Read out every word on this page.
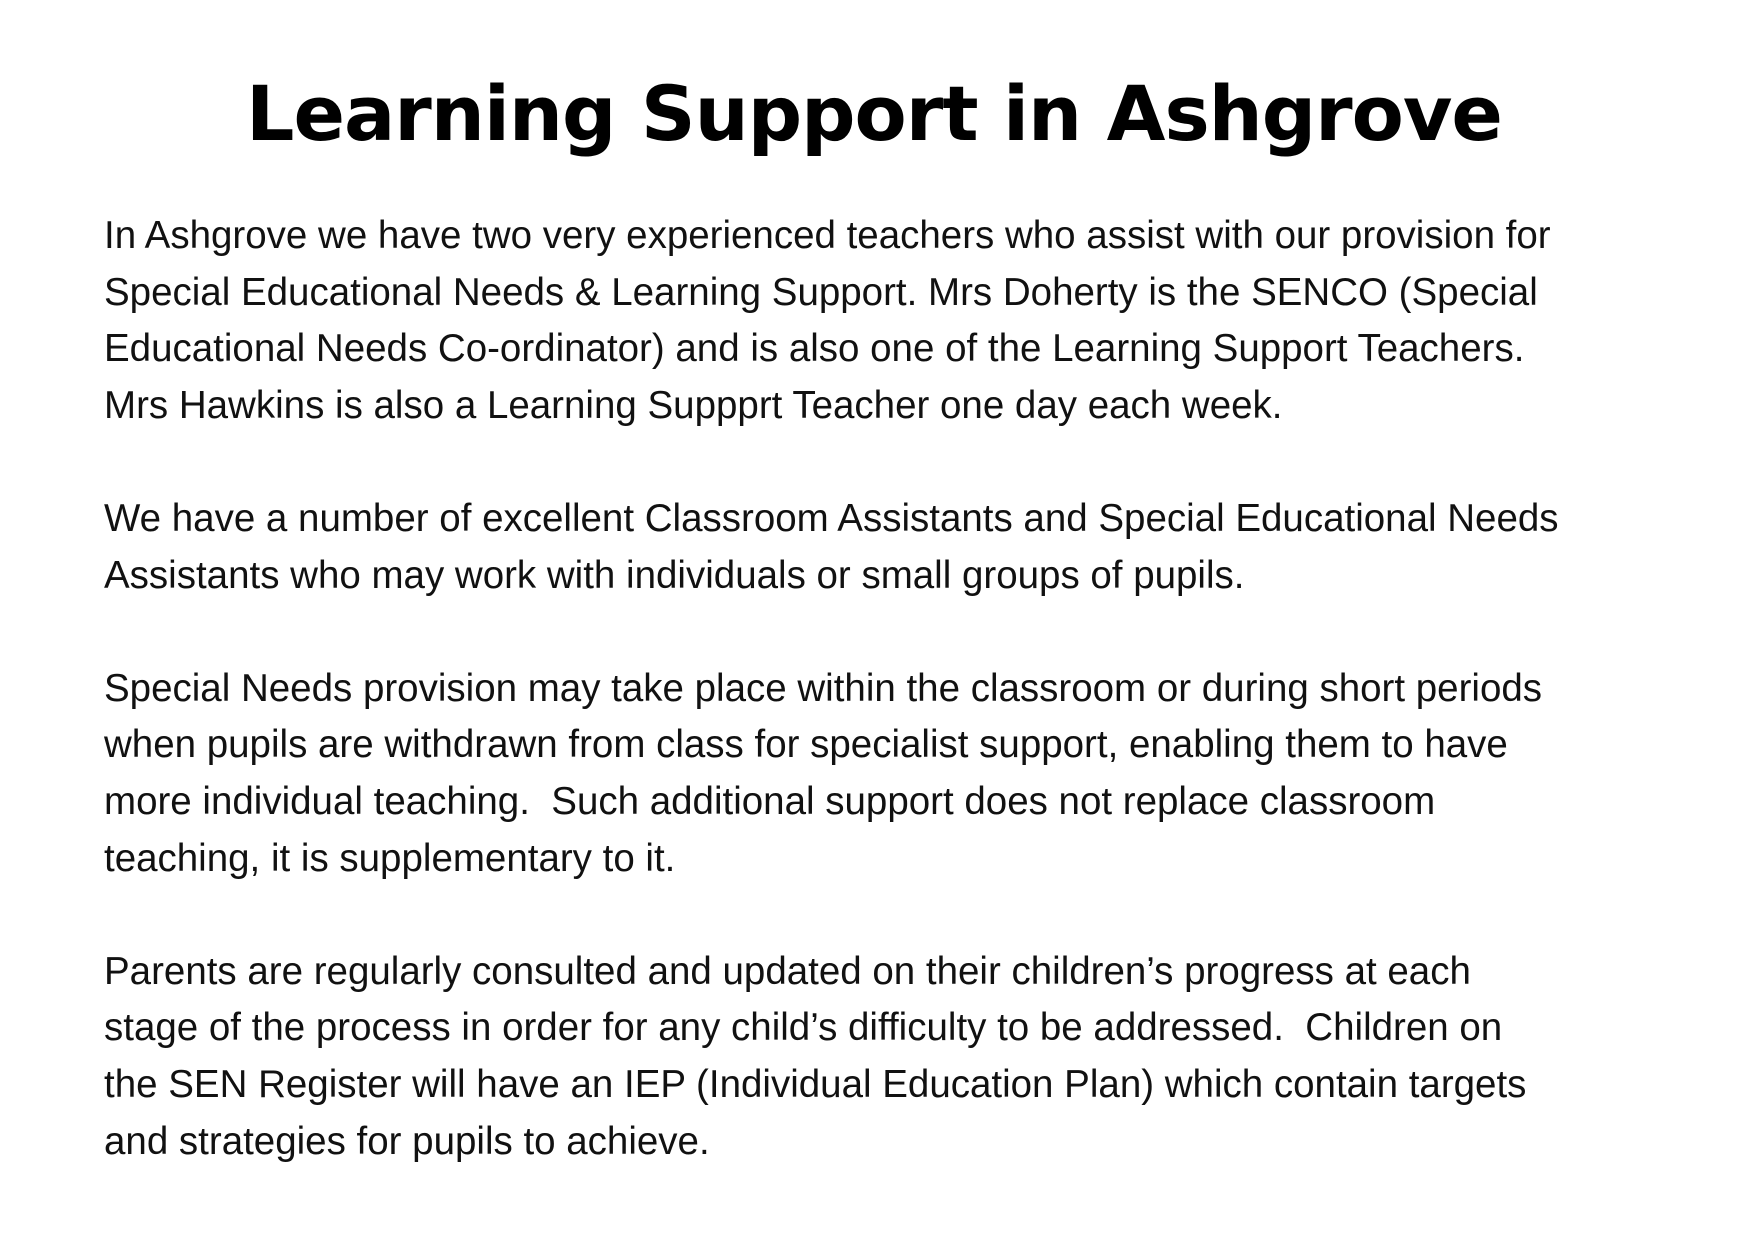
Learning Support in Ashgrove

In Ashgrove we have two very experienced teachers who assist with our provision for
Special Educational Needs & Learning Support. Mrs Doherty is the SENCO (Special
Educational Needs Co-ordinator) and is also one of the Learning Support Teachers.
Mrs Hawkins is also a Learning Suppprt Teacher one day each week.

We have a number of excellent Classroom Assistants and Special Educational Needs
Assistants who may work with individuals or small groups of pupils.

Special Needs provision may take place within the classroom or during short periods
when pupils are withdrawn from class for specialist support, enabling them to have
more individual teaching.  Such additional support does not replace classroom
teaching, it is supplementary to it.

Parents are regularly consulted and updated on their children’s progress at each
stage of the process in order for any child’s difficulty to be addressed.  Children on
the SEN Register will have an IEP (Individual Education Plan) which contain targets
and strategies for pupils to achieve.
